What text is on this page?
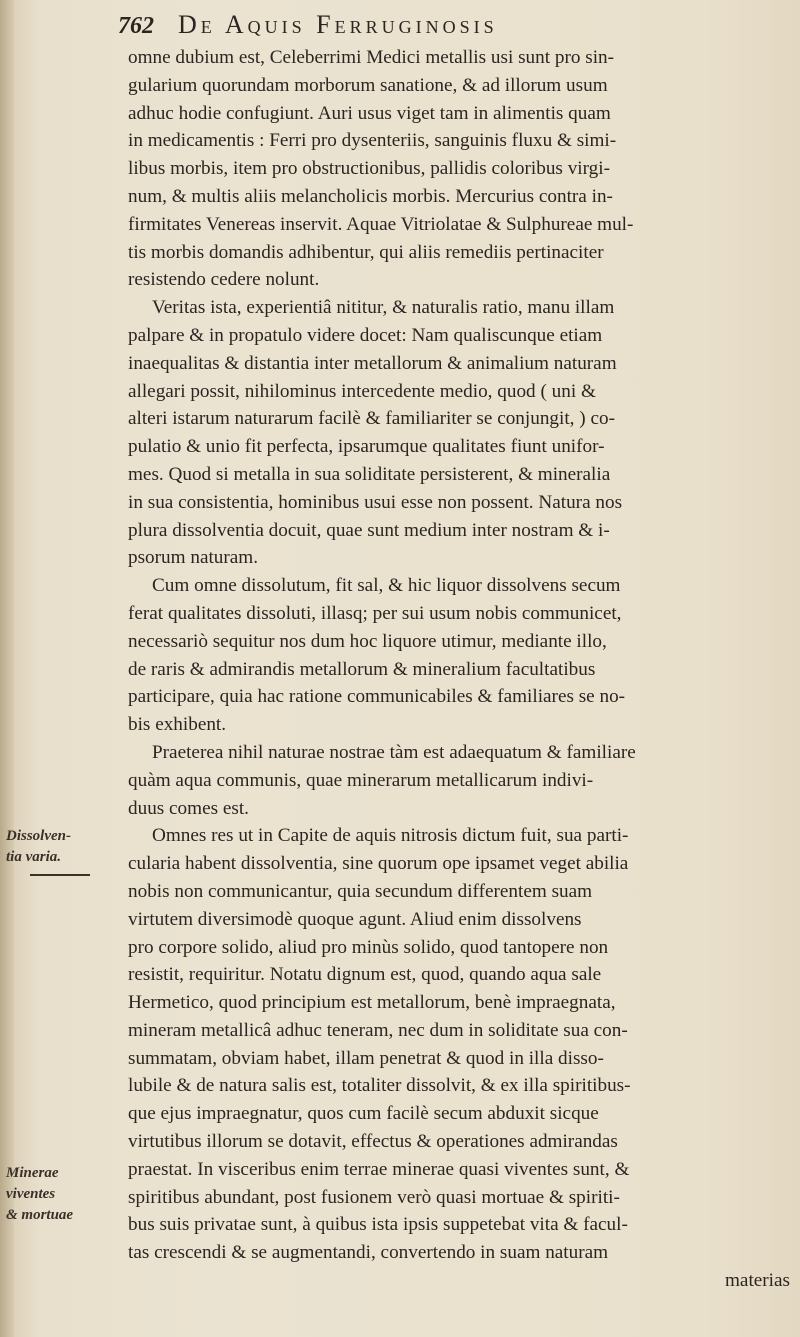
762 De Aquis Ferruginosis
Dissolven-
tia varia.
Minerae
viventes
& mortuae
omne dubium est, Celeberrimi Medici metallis usi sunt pro sin-
gularium quorundam morborum sanatione, & ad illorum usum
adhuc hodie confugiunt. Auri usus viget tam in alimentis quam
in medicamentis : Ferri pro dysenteriis, sanguinis fluxu & simi-
libus morbis, item pro obstructionibus, pallidis coloribus virgi-
num, & multis aliis melancholicis morbis. Mercurius contra in-
firmitates Venereas inservit. Aquae Vitriolatae & Sulphureae mul-
tis morbis domandis adhibentur, qui aliis remediis pertinaciter
resistendo cedere nolunt.
Veritas ista, experientiâ nititur, & naturalis ratio, manu illam
palpare & in propatulo videre docet: Nam qualiscunque etiam
inaequalitas & distantia inter metallorum & animalium naturam
allegari possit, nihilominus intercedente medio, quod ( uni &
alteri istarum naturarum facilè & familiariter se conjungit, ) co-
pulatio & unio fit perfecta, ipsarumque qualitates fiunt unifor-
mes. Quod si metalla in sua soliditate persisterent, & mineralia
in sua consistentia, hominibus usui esse non possent. Natura nos
plura dissolventia docuit, quae sunt medium inter nostram & i-
psorum naturam.
Cum omne dissolutum, fit sal, & hic liquor dissolvens secum
ferat qualitates dissoluti, illasq; per sui usum nobis communicet,
necessariò sequitur nos dum hoc liquore utimur, mediante illo,
de raris & admirandis metallorum & mineralium facultatibus
participare, quia hac ratione communicabiles & familiares se no-
bis exhibent.
Praeterea nihil naturae nostrae tàm est adaequatum & familiare
quàm aqua communis, quae minerarum metallicarum indivi-
duus comes est.
Omnes res ut in Capite de aquis nitrosis dictum fuit, sua parti-
cularia habent dissolventia, sine quorum ope ipsamet veget abilia
nobis non communicantur, quia secundum differentem suam
virtutem diversimodè quoque agunt. Aliud enim dissolvens
pro corpore solido, aliud pro minùs solido, quod tantopere non
resistit, requiritur. Notatu dignum est, quod, quando aqua sale
Hermetico, quod principium est metallorum, benè impraegnata,
mineram metallicâ adhuc teneram, nec dum in soliditate sua con-
summatam, obviam habet, illam penetrat & quod in illa disso-
lubile & de natura salis est, totaliter dissolvit, & ex illa spiritibus-
que ejus impraegnatur, quos cum facilè secum abduxit sicque
virtutibus illorum se dotavit, effectus & operationes admirandas
praestat. In visceribus enim terrae minerae quasi viventes sunt, &
spiritibus abundant, post fusionem verò quasi mortuae & spiriti-
bus suis privatae sunt, à quibus ista ipsis suppetebat vita & facul-
tas crescendi & se augmentandi, convertendo in suam naturam
materias
